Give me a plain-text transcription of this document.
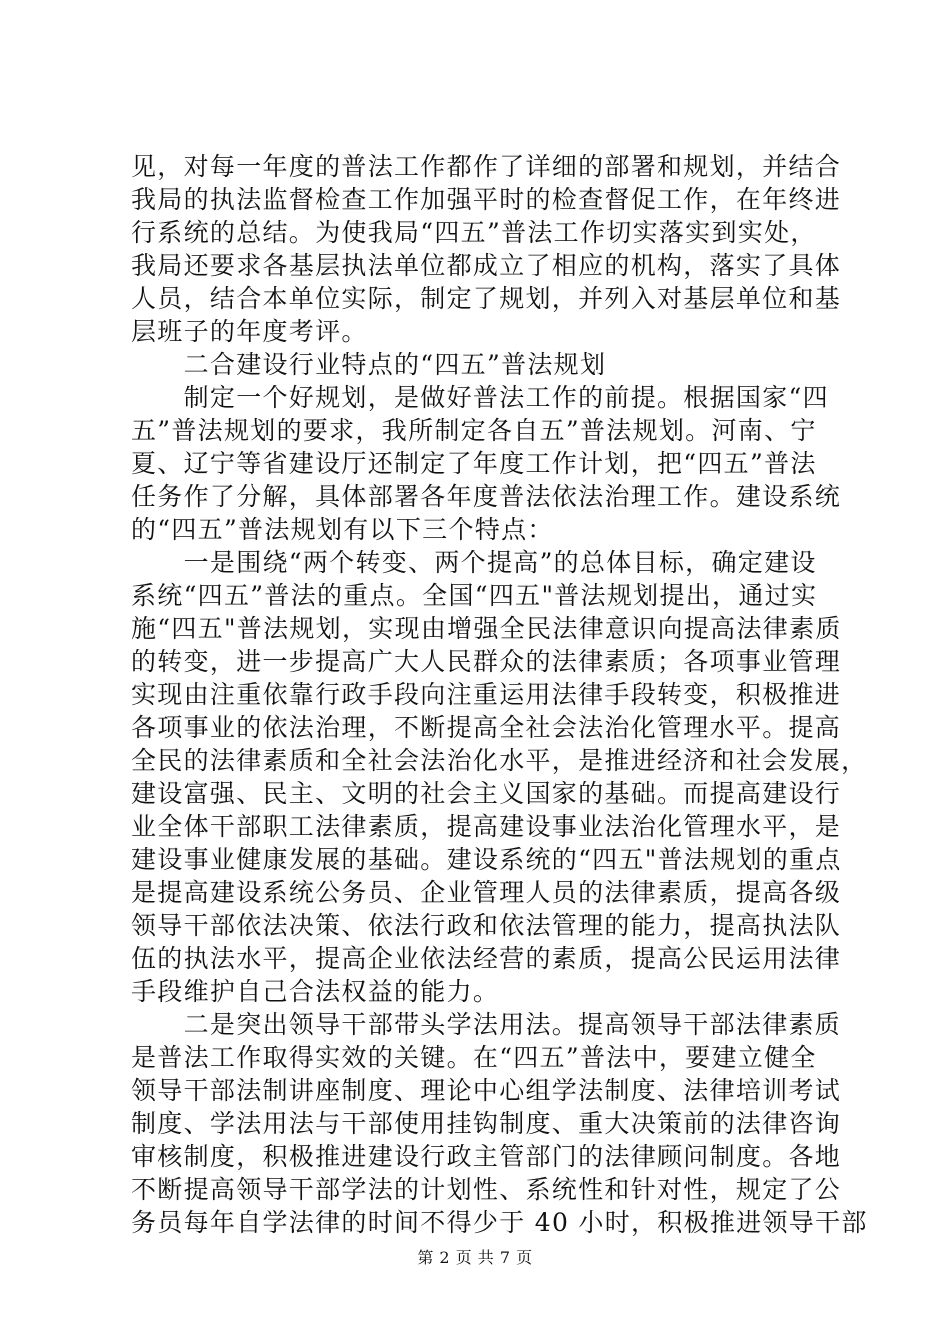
见，对每一年度的普法工作都作了详细的部署和规划，并结合
我局的执法监督检查工作加强平时的检查督促工作，在年终进
行系统的总结。为使我局“四五”普法工作切实落实到实处，
我局还要求各基层执法单位都成立了相应的机构，落实了具体
人员，结合本单位实际，制定了规划，并列入对基层单位和基
层班子的年度考评。
　　二合建设行业特点的“四五”普法规划
　　制定一个好规划，是做好普法工作的前提。根据国家“四
五”普法规划的要求，我所制定各自五”普法规划。河南、宁
夏、辽宁等省建设厅还制定了年度工作计划，把“四五”普法
任务作了分解，具体部署各年度普法依法治理工作。建设系统
的“四五”普法规划有以下三个特点：
　　一是围绕“两个转变、两个提高”的总体目标，确定建设
系统“四五”普法的重点。全国“四五"普法规划提出，通过实
施“四五"普法规划，实现由增强全民法律意识向提高法律素质
的转变，进一步提高广大人民群众的法律素质；各项事业管理
实现由注重依靠行政手段向注重运用法律手段转变，积极推进
各项事业的依法治理，不断提高全社会法治化管理水平。提高
全民的法律素质和全社会法治化水平，是推进经济和社会发展，
建设富强、民主、文明的社会主义国家的基础。而提高建设行
业全体干部职工法律素质，提高建设事业法治化管理水平，是
建设事业健康发展的基础。建设系统的“四五"普法规划的重点
是提高建设系统公务员、企业管理人员的法律素质，提高各级
领导干部依法决策、依法行政和依法管理的能力，提高执法队
伍的执法水平，提高企业依法经营的素质，提高公民运用法律
手段维护自己合法权益的能力。
　　二是突出领导干部带头学法用法。提高领导干部法律素质
是普法工作取得实效的关键。在“四五”普法中，要建立健全
领导干部法制讲座制度、理论中心组学法制度、法律培训考试
制度、学法用法与干部使用挂钩制度、重大决策前的法律咨询
审核制度，积极推进建设行政主管部门的法律顾问制度。各地
不断提高领导干部学法的计划性、系统性和针对性，规定了公
务员每年自学法律的时间不得少于 40 小时，积极推进领导干部
第 2 页 共 7 页
